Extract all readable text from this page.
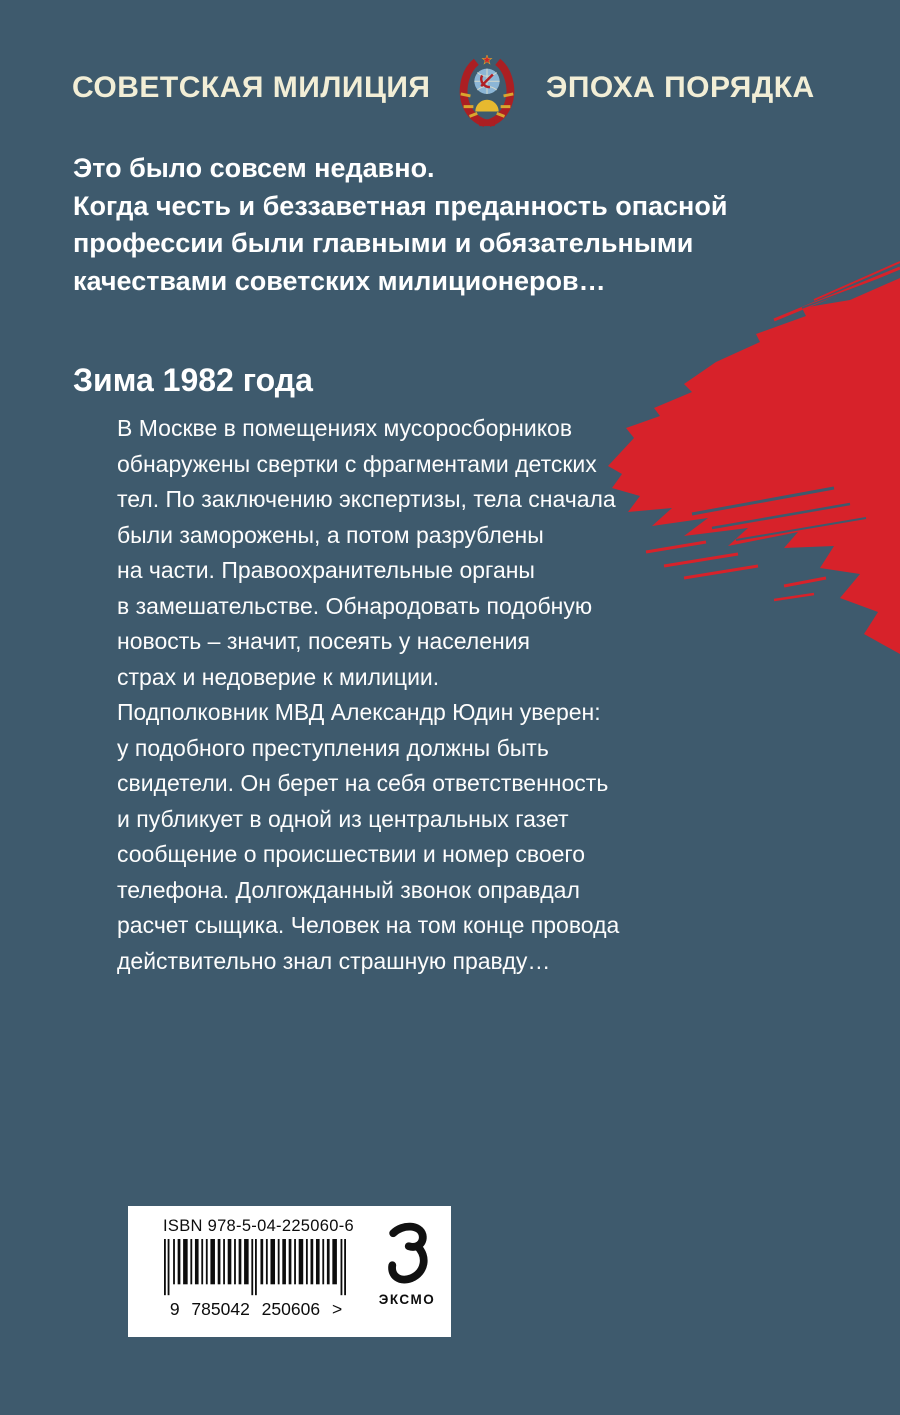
СОВЕТСКАЯ МИЛИЦИЯ	ЭПОХА ПОРЯДКА
Это было совсем недавно.
Когда честь и беззаветная преданность опасной
профессии были главными и обязательными
качествами советских милиционеров…
Зима 1982 года
В Москве в помещениях мусоросборников
обнаружены свертки с фрагментами детских
тел. По заключению экспертизы, тела сначала
были заморожены, а потом разрублены
на части. Правоохранительные органы
в замешательстве. Обнародовать подобную
новость – значит, посеять у населения
страх и недоверие к милиции.
Подполковник МВД Александр Юдин уверен:
у подобного преступления должны быть
свидетели. Он берет на себя ответственность
и публикует в одной из центральных газет
сообщение о происшествии и номер своего
телефона. Долгожданный звонок оправдал
расчет сыщика. Человек на том конце провода
действительно знал страшную правду…
ISBN 978-5-04-225060-6
9 785042 250606 >	ЭКСМО
